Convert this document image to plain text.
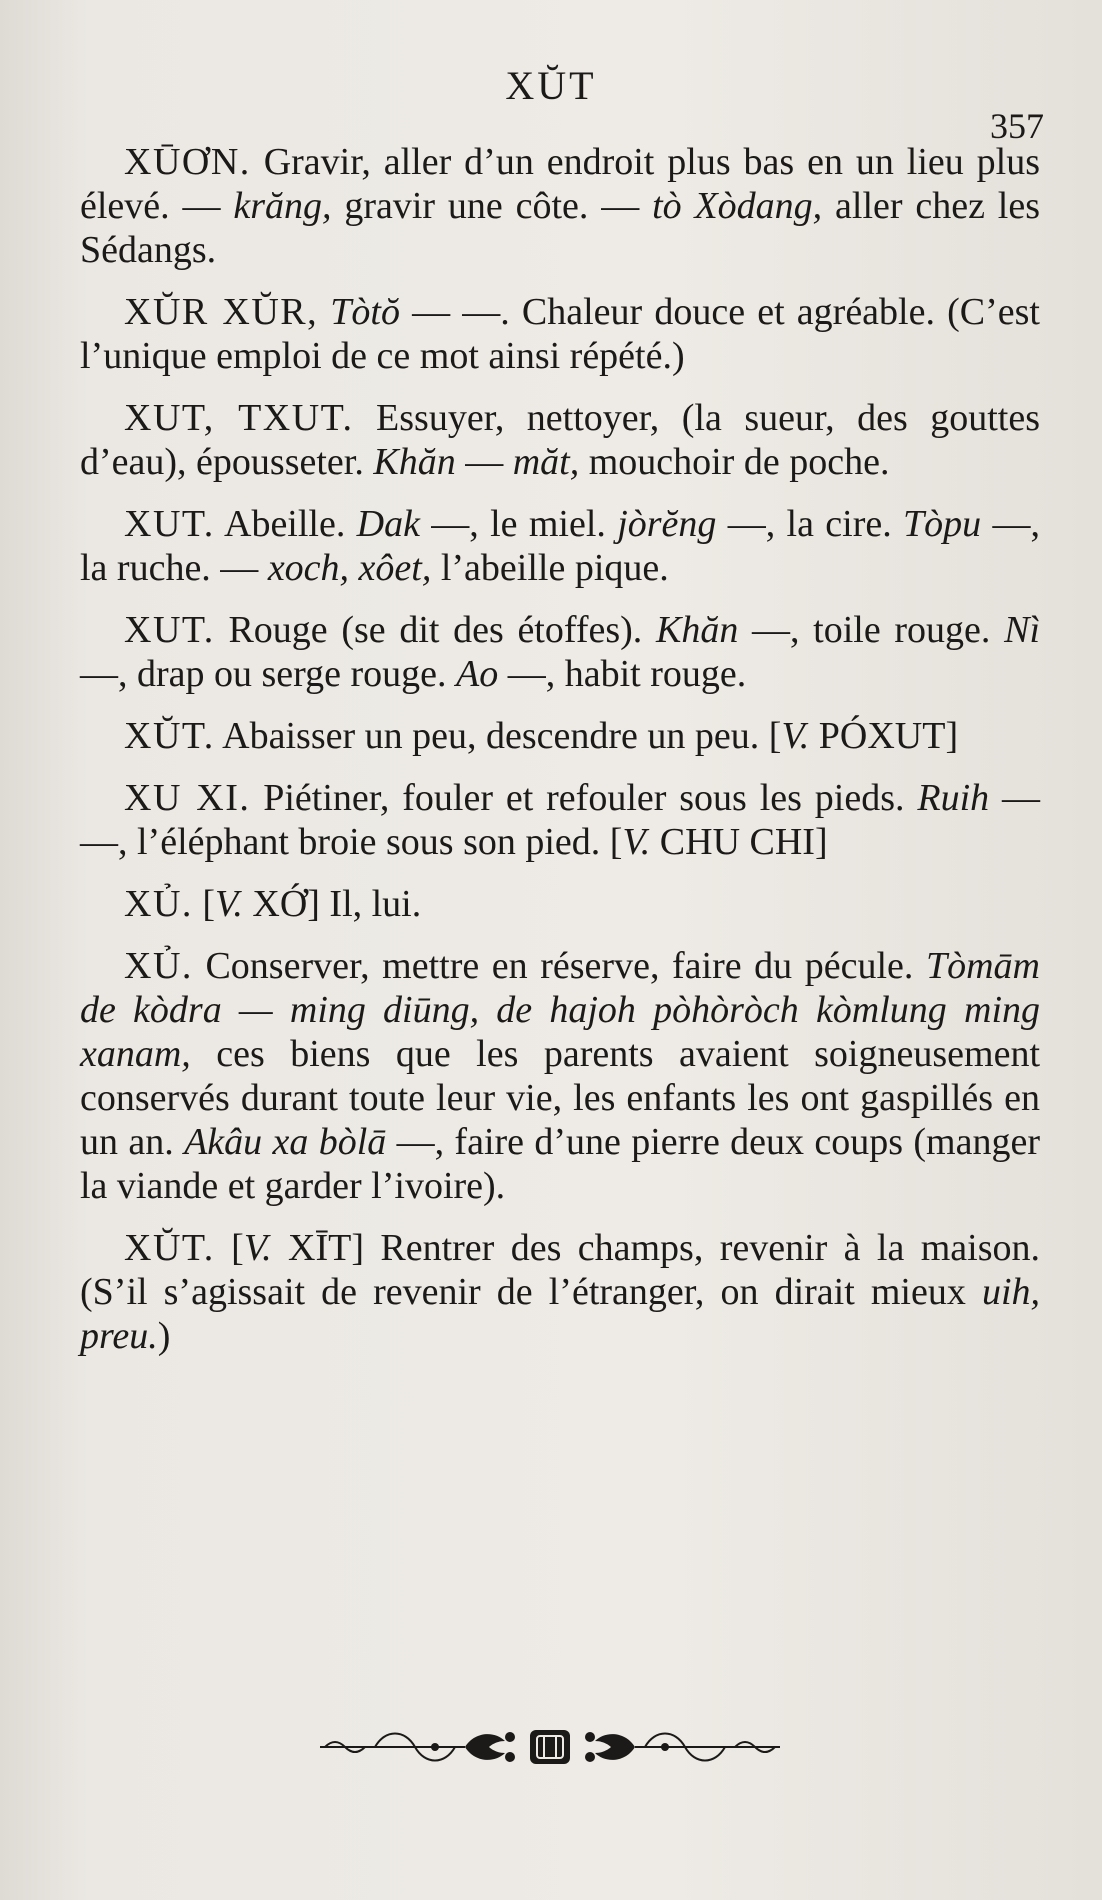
XŬT
357

XŪƠN. Gravir, aller d’un endroit plus bas en un lieu plus élevé. — krăng, gravir une côte. — tò Xòdang, aller chez les Sédangs.

XŬR XŬR, Tòtŏ — —. Chaleur douce et agréable. (C’est l’unique emploi de ce mot ainsi répété.)

XUT, TXUT. Essuyer, nettoyer, (la sueur, des gouttes d’eau), épousseter. Khăn — măt, mouchoir de poche.

XUT. Abeille. Dak —, le miel. jòrĕng —, la cire. Tòpu —, la ruche. — xoch, xôet, l’abeille pique.

XUT. Rouge (se dit des étoffes). Khăn —, toile rouge. Nì —, drap ou serge rouge. Ao —, habit rouge.

XŬT. Abaisser un peu, descendre un peu. [V. PÓXUT]

XU XI. Piétiner, fouler et refouler sous les pieds. Ruih — —, l’éléphant broie sous son pied. [V. CHU CHI]

XỦ. [V. XỚ] Il, lui.

XỦ. Conserver, mettre en réserve, faire du pécule. Tòmām de kòdra — ming diūng, de hajoh pòhòròch kòmlung ming xanam, ces biens que les parents avaient soigneusement conservés durant toute leur vie, les enfants les ont gaspillés en un an. Akâu xa bòlā —, faire d’une pierre deux coups (manger la viande et garder l’ivoire).

XŬT. [V. XĪT] Rentrer des champs, revenir à la maison. (S’il s’agissait de revenir de l’étranger, on dirait mieux uih, preu.)
